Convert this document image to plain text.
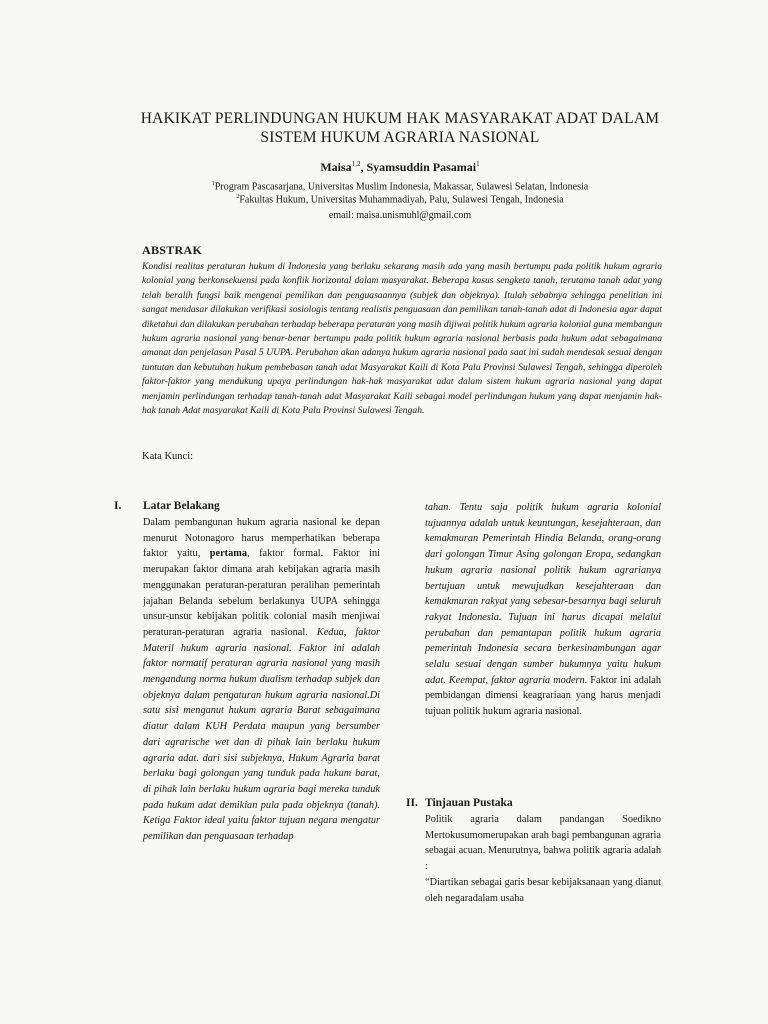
HAKIKAT PERLINDUNGAN HUKUM HAK MASYARAKAT ADAT DALAM
SISTEM HUKUM AGRARIA NASIONAL
Maisa$^{1,2}$, Syamsuddin Pasamai$^1$
$^1$Program Pascasarjana, Universitas Muslim Indonesia, Makassar, Sulawesi Selatan, Indonesia
$^2$Fakultas Hukum, Universitas Muhammadiyah, Palu, Sulawesi Tengah, Indonesia
email: maisa.unismuhl@gmail.com
ABSTRAK
Kondisi realitas peraturan hukum di Indonesia yang berlaku sekarang masih ada yang masih bertumpu pada politik hukum agraria kolonial yang berkonsekuensi pada konflik horizontal dalam masyarakat. Beberapa kasus sengketa tanah, terutama tanah adat yang telah beralih fungsi baik mengenai pemilikan dan penguasaannya (subjek dan objeknya). Itulah sebabnya sehingga penelitian ini sangat mendasar dilakukan verifikasi sosiologis tentang realistis penguasaan dan pemilikan tanah-tanah adat di Indonesia agar dapat diketahui dan dilakukan perubahan terhadap beberapa peraturan yang masih dijiwai politik hukum agraria kolonial guna membangun hukum agraria nasional yang benar-benar bertumpu pada politik hukum agraria nasional berbasis pada hukum adat sebagaimana amanat dan penjelasan Pasal 5 UUPA. Perubahan akan adanya hukum agraria nasional pada saat ini sudah mendesak sesuai dengan tuntutan dan kebutuhan hukum pembebasan tanah adat Masyarakat Kaili di Kota Palu Provinsi Sulawesi Tengah, sehingga diperoleh faktor-faktor yang mendukung upaya perlindungan hak-hak masyarakat adat dalam sistem hukum agraria nasional yang dapat menjamin perlindungan terhadap tanah-tanah adat Masyarakat Kaili sebagai model perlindungan hukum yang dapat menjamin hak-hak tanah Adat masyarakat Kaili di Kota Palu Provinsi Sulawesi Tengah.
Kata Kunci:
I. Latar Belakang

Dalam pembangunan hukum agraria nasional ke depan menurut Notonagoro harus memperhatikan beberapa faktor yaitu, pertama, faktor formal. Faktor ini merupakan faktor dimana arah kebijakan agraria masih menggunakan peraturan-peraturan peralihan pemerintah jajahan Belanda sebelum berlakunya UUPA sehingga unsur-unsur kebijakan politik colonial masih menjiwai peraturan-peraturan agraria nasional. Kedua, faktor Materil hukum agraria nasional. Faktor ini adalah faktor normatif peraturan agraria nasional yang masih mengandung norma hukum dualism terhadap subjek dan objeknya dalam pengaturan hukum agraria nasional.Di satu sisi menganut hukum agraria Barat sebagaimana diatur dalam KUH Perdata maupun yang bersumber dari agrarische wet dan di pihak lain berlaku hukum agraria adat. dari sisi subjeknya, Hukum Agraria barat berlaku bagi golongan yang tunduk pada hukum barat, di pihak lain berlaku hukum agraria bagi mereka tunduk pada hukum adat demikian pula pada objeknya (tanah). Ketiga Faktor ideal yaitu faktor tujuan negara mengatur pemilikan dan penguasaan terhadap

tahan. Tentu saja politik hukum agraria kolonial tujuannya adalah untuk keuntungan, kesejahteraan, dan kemakmuran Pemerintah Hindia Belanda, orang-orang dari golongan Timur Asing golongan Eropa, sedangkan hukum agraria nasional politik hukum agrarianya bertujuan untuk mewujudkan kesejahteraan dan kemakmuran rakyat yang sebesar-besarnya bagi seluruh rakyat Indonesia. Tujuan ini harus dicapai melalui perubahan dan pemantapan politik hukum agraria pemerintah Indonesia secara berkesinambungan agar selalu sesuai dengan sumber hukumnya yaitu hukum adat. Keempat, faktor agraria modern. Faktor ini adalah pembidangan dimensi keagrariaan yang harus menjadi tujuan politik hukum agraria nasional.

II. Tinjauan Pustaka

Politik agraria dalam pandangan Soedikno Mertokusumomerupakan arah bagi pembangunan agraria sebagai acuan. Menurutnya, bahwa politik agraria adalah :

“Diartikan sebagai garis besar kebijaksanaan yang dianut oleh negaradalam usaha
